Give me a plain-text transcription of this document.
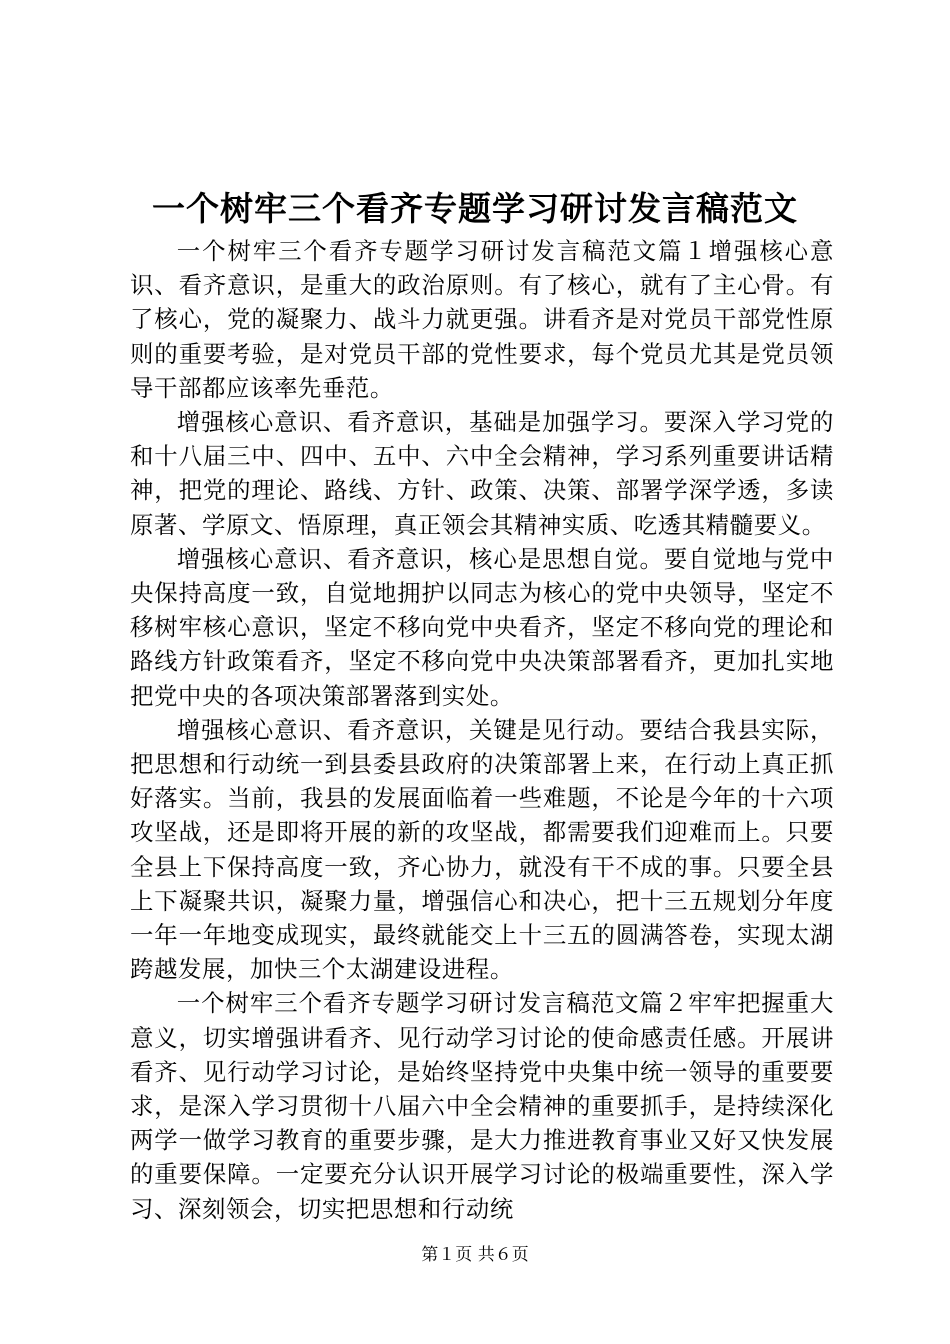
一个树牢三个看齐专题学习研讨发言稿范文

一个树牢三个看齐专题学习研讨发言稿范文篇１增强核心意识、看齐意识，是重大的政治原则。有了核心，就有了主心骨。有了核心，党的凝聚力、战斗力就更强。讲看齐是对党员干部党性原则的重要考验，是对党员干部的党性要求，每个党员尤其是党员领导干部都应该率先垂范。

增强核心意识、看齐意识，基础是加强学习。要深入学习党的和十八届三中、四中、五中、六中全会精神，学习系列重要讲话精神，把党的理论、路线、方针、政策、决策、部署学深学透，多读原著、学原文、悟原理，真正领会其精神实质、吃透其精髓要义。

增强核心意识、看齐意识，核心是思想自觉。要自觉地与党中央保持高度一致，自觉地拥护以同志为核心的党中央领导，坚定不移树牢核心意识，坚定不移向党中央看齐，坚定不移向党的理论和路线方针政策看齐，坚定不移向党中央决策部署看齐，更加扎实地把党中央的各项决策部署落到实处。

增强核心意识、看齐意识，关键是见行动。要结合我县实际，把思想和行动统一到县委县政府的决策部署上来，在行动上真正抓好落实。当前，我县的发展面临着一些难题，不论是今年的十六项攻坚战，还是即将开展的新的攻坚战，都需要我们迎难而上。只要全县上下保持高度一致，齐心协力，就没有干不成的事。只要全县上下凝聚共识，凝聚力量，增强信心和决心，把十三五规划分年度一年一年地变成现实，最终就能交上十三五的圆满答卷，实现太湖跨越发展，加快三个太湖建设进程。

一个树牢三个看齐专题学习研讨发言稿范文篇２牢牢把握重大意义，切实增强讲看齐、见行动学习讨论的使命感责任感。开展讲看齐、见行动学习讨论，是始终坚持党中央集中统一领导的重要要求，是深入学习贯彻十八届六中全会精神的重要抓手，是持续深化两学一做学习教育的重要步骤，是大力推进教育事业又好又快发展的重要保障。一定要充分认识开展学习讨论的极端重要性，深入学习、深刻领会，切实把思想和行动统

第１页 共６页
